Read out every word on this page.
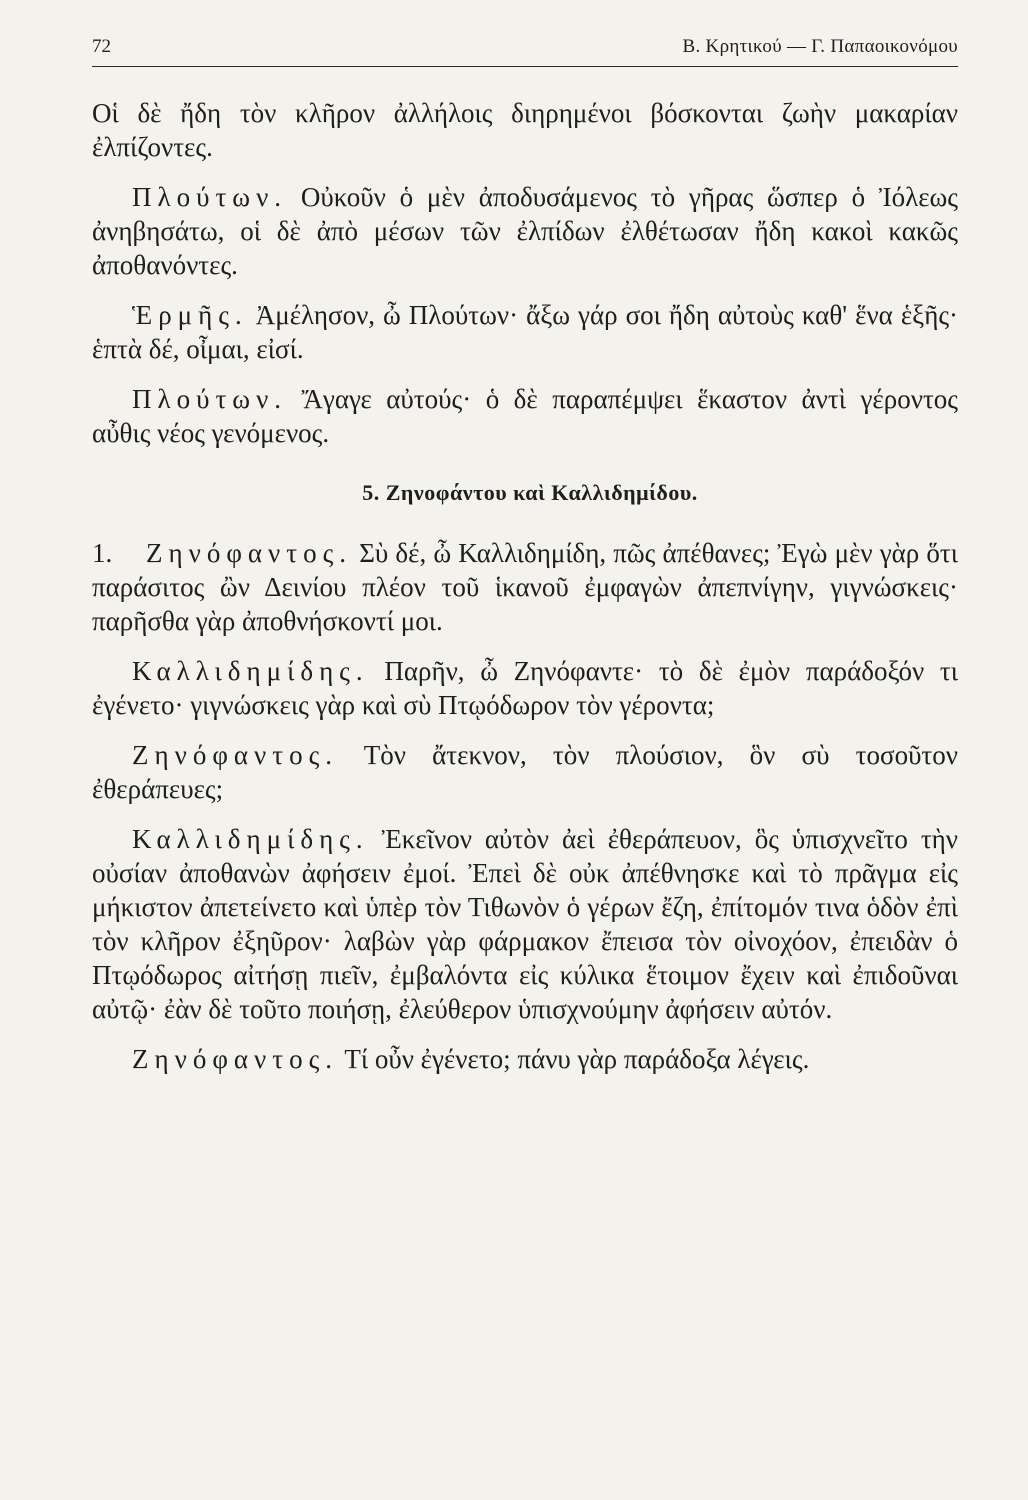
72	Β. Κρητικού — Γ. Παπαοικονόμου

Οἱ δὲ ἤδη τὸν κλῆρον ἀλλήλοις διηρημένοι βόσκονται ζωὴν μακαρίαν ἐλπίζοντες.

Πλούτων. Οὐκοῦν ὁ μὲν ἀποδυσάμενος τὸ γῆρας ὥσπερ ὁ Ἰόλεως ἀνηβησάτω, οἱ δὲ ἀπὸ μέσων τῶν ἐλπίδων ἐλθέτωσαν ἤδη κακοὶ κακῶς ἀποθανόντες.

Ἑρμῆς. Ἀμέλησον, ὦ Πλούτων· ἄξω γάρ σοι ἤδη αὐτοὺς καθ' ἕνα ἑξῆς· ἑπτὰ δέ, οἶμαι, εἰσί.

Πλούτων. Ἄγαγε αὐτούς· ὁ δὲ παραπέμψει ἕκαστον ἀντὶ γέροντος αὖθις νέος γενόμενος.

5. Ζηνοφάντου καὶ Καλλιδημίδου.

1. Ζηνόφαντος. Σὺ δέ, ὦ Καλλιδημίδη, πῶς ἀπέθανες; Ἐγὼ μὲν γὰρ ὅτι παράσιτος ὢν Δεινίου πλέον τοῦ ἱκανοῦ ἐμφαγὼν ἀπεπνίγην, γιγνώσκεις· παρῆσθα γὰρ ἀποθνήσκοντί μοι.

Καλλιδημίδης. Παρῆν, ὦ Ζηνόφαντε· τὸ δὲ ἐμὸν παράδοξόν τι ἐγένετο· γιγνώσκεις γὰρ καὶ σὺ Πτῳόδωρον τὸν γέροντα;

Ζηνόφαντος. Τὸν ἄτεκνον, τὸν πλούσιον, ὃν σὺ τοσοῦτον ἐθεράπευες;

Καλλιδημίδης. Ἐκεῖνον αὐτὸν ἀεὶ ἐθεράπευον, ὃς ὑπισχνεῖτο τὴν οὐσίαν ἀποθανὼν ἀφήσειν ἐμοί. Ἐπεὶ δὲ οὐκ ἀπέθνησκε καὶ τὸ πρᾶγμα εἰς μήκιστον ἀπετείνετο καὶ ὑπὲρ τὸν Τιθωνὸν ὁ γέρων ἔζη, ἐπίτομόν τινα ὁδὸν ἐπὶ τὸν κλῆρον ἐξηῦρον· λαβὼν γὰρ φάρμακον ἔπεισα τὸν οἰνοχόον, ἐπειδὰν ὁ Πτῳόδωρος αἰτήσῃ πιεῖν, ἐμβαλόντα εἰς κύλικα ἕτοιμον ἔχειν καὶ ἐπιδοῦναι αὐτῷ· ἐὰν δὲ τοῦτο ποιήσῃ, ἐλεύθερον ὑπισχνούμην ἀφήσειν αὐτόν.

Ζηνόφαντος. Τί οὖν ἐγένετο; πάνυ γὰρ παράδοξα λέγεις.
